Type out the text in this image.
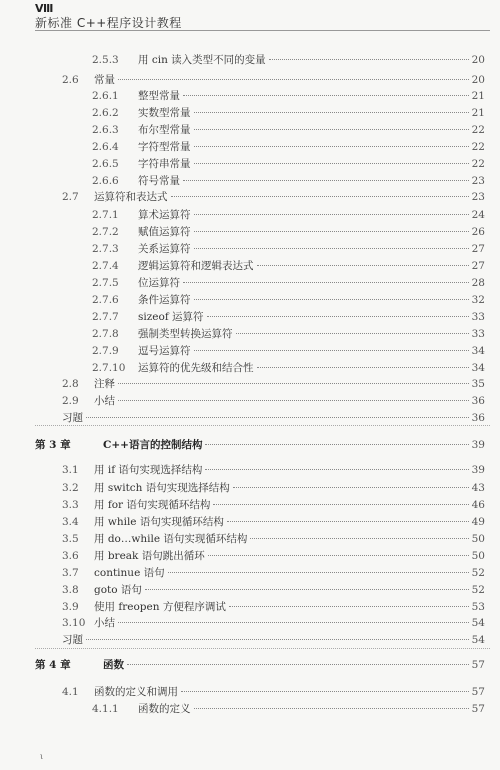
Ⅷ
新标准 C++程序设计教程
2.5.3	用 cin 读入类型不同的变量	20
2.6	常量	20
2.6.1	整型常量	21
2.6.2	实数型常量	21
2.6.3	布尔型常量	22
2.6.4	字符型常量	22
2.6.5	字符串常量	22
2.6.6	符号常量	23
2.7	运算符和表达式	23
2.7.1	算术运算符	24
2.7.2	赋值运算符	26
2.7.3	关系运算符	27
2.7.4	逻辑运算符和逻辑表达式	27
2.7.5	位运算符	28
2.7.6	条件运算符	32
2.7.7	sizeof 运算符	33
2.7.8	强制类型转换运算符	33
2.7.9	逗号运算符	34
2.7.10	运算符的优先级和结合性	34
2.8	注释	35
2.9	小结	36
习题	36
第 3 章	C++语言的控制结构	39
3.1	用 if 语句实现选择结构	39
3.2	用 switch 语句实现选择结构	43
3.3	用 for 语句实现循环结构	46
3.4	用 while 语句实现循环结构	49
3.5	用 do…while 语句实现循环结构	50
3.6	用 break 语句跳出循环	50
3.7	continue 语句	52
3.8	goto 语句	52
3.9	使用 freopen 方便程序调试	53
3.10 小结	54
习题	54
第 4 章	函数	57
4.1	函数的定义和调用	57
4.1.1	函数的定义	57
ι
